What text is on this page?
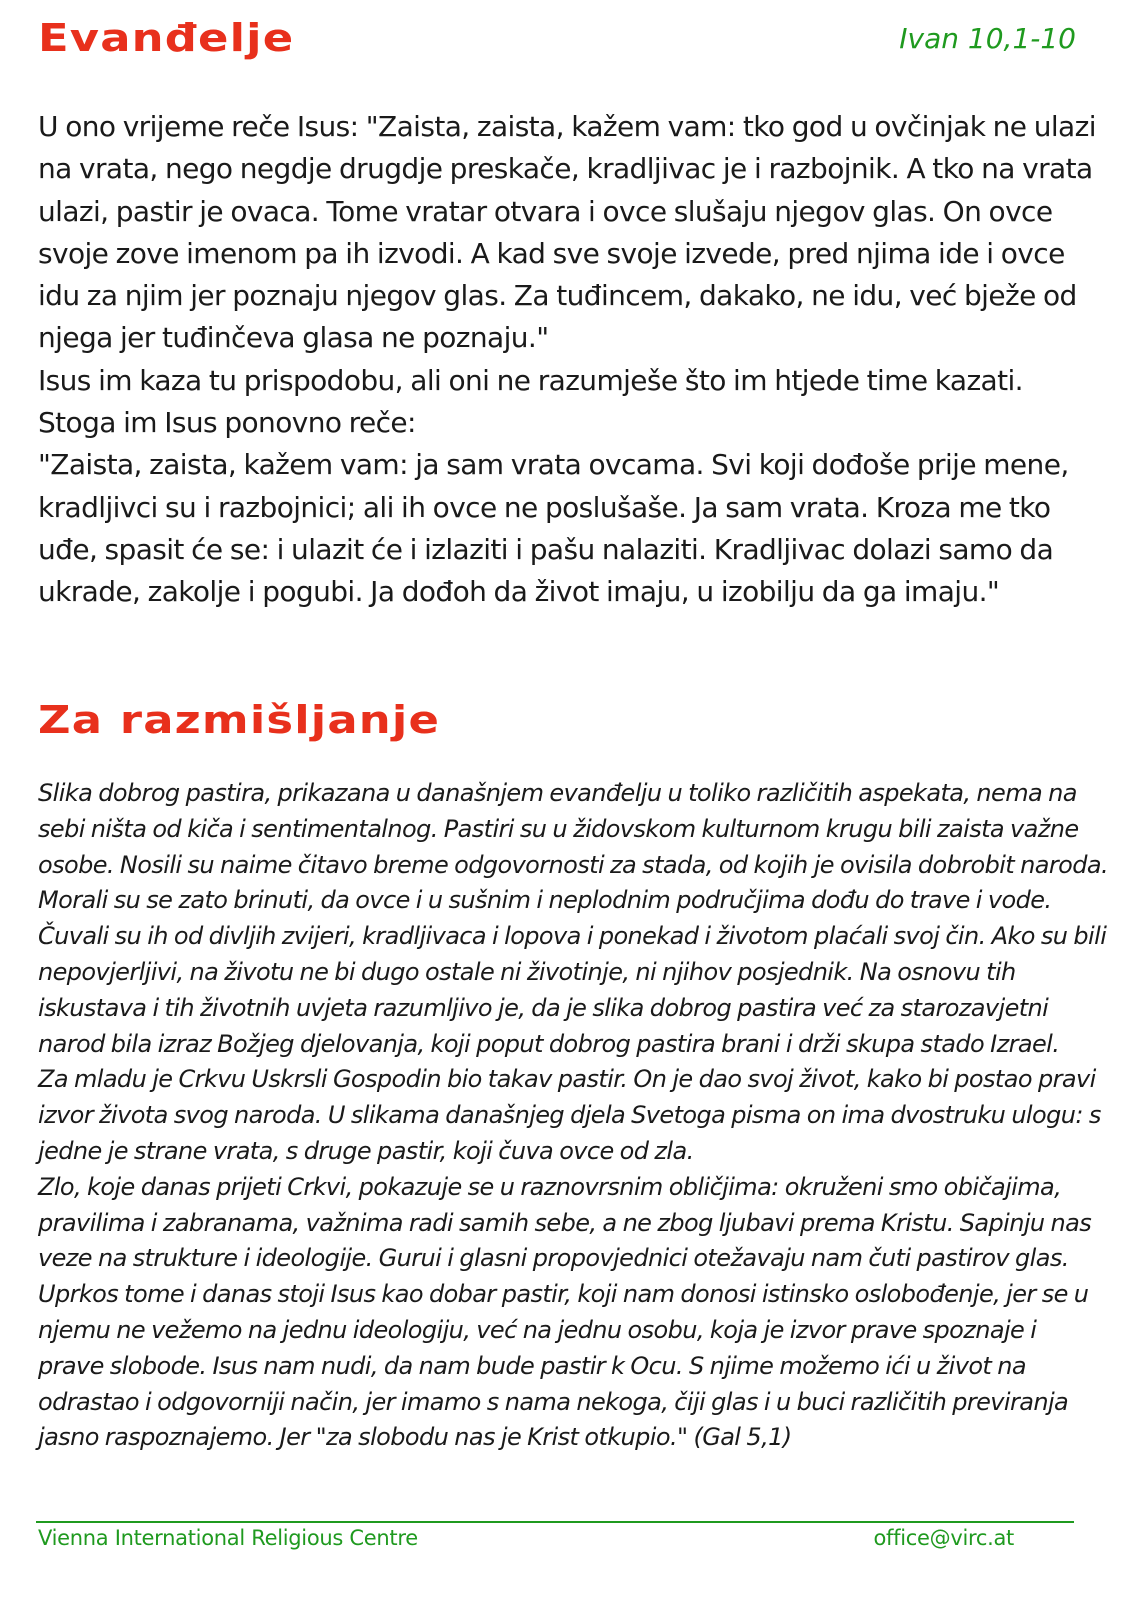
Evanđelje	Ivan 10,1-10

U ono vrijeme reče Isus: "Zaista, zaista, kažem vam: tko god u ovčinjak ne ulazi na vrata, nego negdje drugdje preskače, kradljivac je i razbojnik. A tko na vrata ulazi, pastir je ovaca. Tome vratar otvara i ovce slušaju njegov glas. On ovce svoje zove imenom pa ih izvodi. A kad sve svoje izvede, pred njima ide i ovce idu za njim jer poznaju njegov glas. Za tuđincem, dakako, ne idu, već bježe od njega jer tuđinčeva glasa ne poznaju."

Isus im kaza tu prispodobu, ali oni ne razumješe što im htjede time kazati.

Stoga im Isus ponovno reče:

"Zaista, zaista, kažem vam: ja sam vrata ovcama. Svi koji dođoše prije mene, kradljivci su i razbojnici; ali ih ovce ne poslušaše. Ja sam vrata. Kroza me tko uđe, spasit će se: i ulazit će i izlaziti i pašu nalaziti. Kradljivac dolazi samo da ukrade, zakolje i pogubi. Ja dođoh da život imaju, u izobilju da ga imaju."

Za razmišljanje

Slika dobrog pastira, prikazana u današnjem evanđelju u toliko različitih aspekata, nema na sebi ništa od kiča i sentimentalnog. Pastiri su u židovskom kulturnom krugu bili zaista važne osobe. Nosili su naime čitavo breme odgovornosti za stada, od kojih je ovisila dobrobit naroda. Morali su se zato brinuti, da ovce i u sušnim i neplodnim područjima dođu do trave i vode. Čuvali su ih od divljih zvijeri, kradljivaca i lopova i ponekad i životom plaćali svoj čin. Ako su bili nepovjerljivi, na životu ne bi dugo ostale ni životinje, ni njihov posjednik. Na osnovu tih iskustava i tih životnih uvjeta razumljivo je, da je slika dobrog pastira već za starozavjetni narod bila izraz Božjeg djelovanja, koji poput dobrog pastira brani i drži skupa stado Izrael.

Za mladu je Crkvu Uskrsli Gospodin bio takav pastir. On je dao svoj život, kako bi postao pravi izvor života svog naroda. U slikama današnjeg djela Svetoga pisma on ima dvostruku ulogu: s jedne je strane vrata, s druge pastir, koji čuva ovce od zla.

Zlo, koje danas prijeti Crkvi, pokazuje se u raznovrsnim obličjima: okruženi smo običajima, pravilima i zabranama, važnima radi samih sebe, a ne zbog ljubavi prema Kristu. Sapinju nas veze na strukture i ideologije. Gurui i glasni propovjednici otežavaju nam čuti pastirov glas. Uprkos tome i danas stoji Isus kao dobar pastir, koji nam donosi istinsko oslobođenje, jer se u njemu ne vežemo na jednu ideologiju, već na jednu osobu, koja je izvor prave spoznaje i prave slobode. Isus nam nudi, da nam bude pastir k Ocu. S njime možemo ići u život na odrastao i odgovorniji način, jer imamo s nama nekoga, čiji glas i u buci različitih previranja jasno raspoznajemo. Jer "za slobodu nas je Krist otkupio." (Gal 5,1)

Vienna International Religious Centre	office@virc.at
